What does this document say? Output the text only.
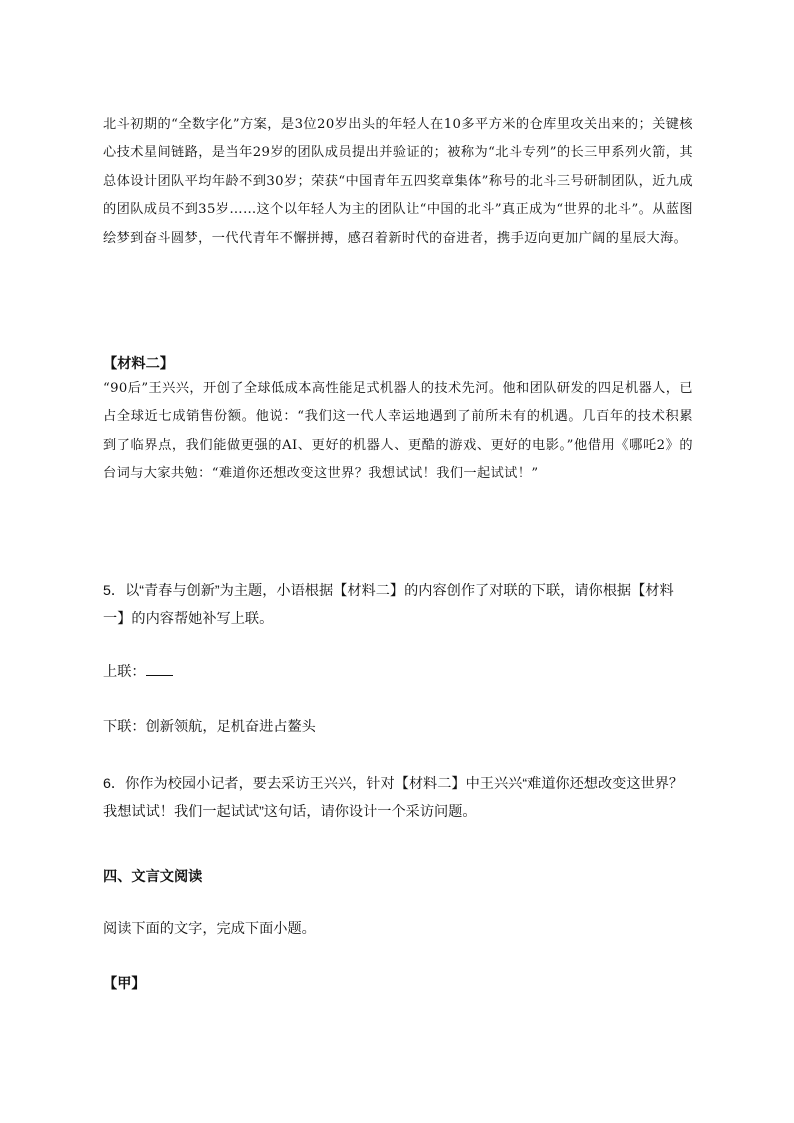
北斗初期的“全数字化”方案，是3位20岁出头的年轻人在10多平方米的仓库里攻关出来的；关键核心技术星间链路，是当年29岁的团队成员提出并验证的；被称为“北斗专列”的长三甲系列火箭，其总体设计团队平均年龄不到30岁；荣获“中国青年五四奖章集体”称号的北斗三号研制团队，近九成的团队成员不到35岁……这个以年轻人为主的团队让“中国的北斗”真正成为“世界的北斗”。从蓝图绘梦到奋斗圆梦，一代代青年不懈拼搏，感召着新时代的奋进者，携手迈向更加广阔的星辰大海。

【材料二】

“90后”王兴兴，开创了全球低成本高性能足式机器人的技术先河。他和团队研发的四足机器人，已占全球近七成销售份额。他说：“我们这一代人幸运地遇到了前所未有的机遇。几百年的技术积累到了临界点，我们能做更强的AI、更好的机器人、更酷的游戏、更好的电影。”他借用《哪吒2》的台词与大家共勉：“难道你还想改变这世界？我想试试！我们一起试试！”

5．以“青春与创新”为主题，小语根据【材料二】的内容创作了对联的下联，请你根据【材料一】的内容帮她补写上联。

上联：

下联：创新领航，足机奋进占鳌头

6．你作为校园小记者，要去采访王兴兴，针对【材料二】中王兴兴“难道你还想改变这世界？我想试试！我们一起试试”这句话，请你设计一个采访问题。

四、文言文阅读

阅读下面的文字，完成下面小题。

【甲】
